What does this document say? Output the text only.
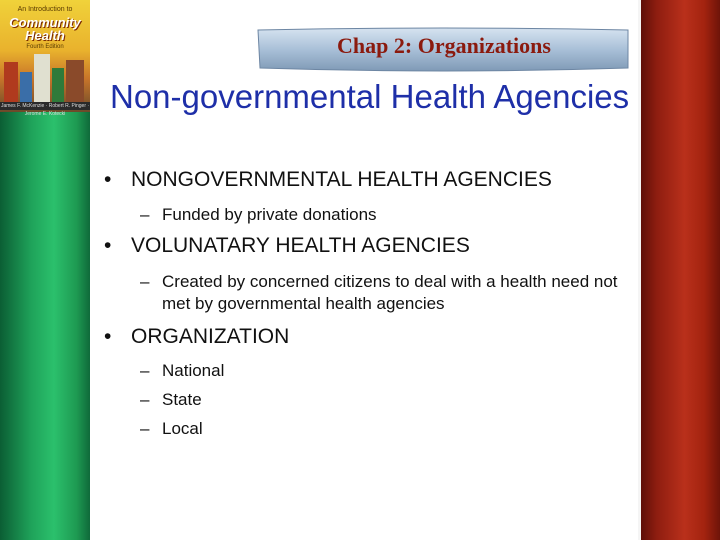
An Introduction to
Community
Health
Fourth Edition
James F. McKenzie · Robert R. Pinger · Jerome E. Kotecki
Chap 2: Organizations
Non-governmental Health Agencies
• NONGOVERNMENTAL HEALTH AGENCIES
– Funded by private donations
• VOLUNATARY HEALTH AGENCIES
– Created by concerned citizens to deal with a health need not met by governmental health agencies
• ORGANIZATION
– National
– State
– Local
